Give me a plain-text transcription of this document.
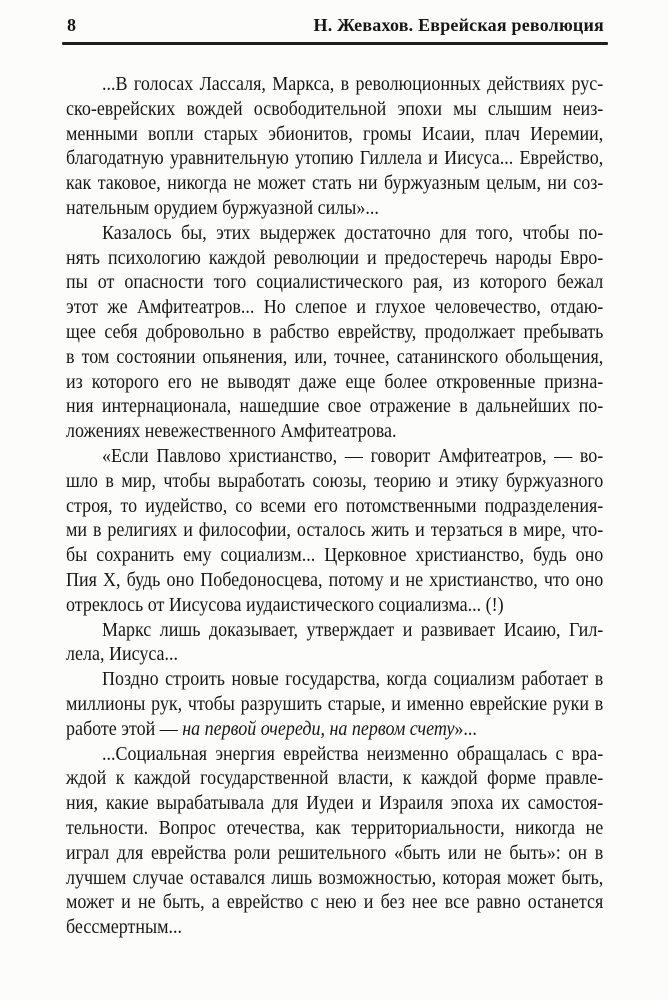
8	Н. Жевахов. Еврейская революция
...В голосах Лассаля, Маркса, в революционных действиях рус-
ско-еврейских вождей освободительной эпохи мы слышим неиз-
менными вопли старых эбионитов, громы Исаии, плач Иеремии,
благодатную уравнительную утопию Гиллела и Иисуса... Еврейство,
как таковое, никогда не может стать ни буржуазным целым, ни соз-
нательным орудием буржуазной силы»...
Казалось бы, этих выдержек достаточно для того, чтобы по-
нять психологию каждой революции и предостеречь народы Евро-
пы от опасности того социалистического рая, из которого бежал
этот же Амфитеатров... Но слепое и глухое человечество, отдаю-
щее себя добровольно в рабство еврейству, продолжает пребывать
в том состоянии опьянения, или, точнее, сатанинского обольщения,
из которого его не выводят даже еще более откровенные призна-
ния интернационала, нашедшие свое отражение в дальнейших по-
ложениях невежественного Амфитеатрова.
«Если Павлово христианство, — говорит Амфитеатров, — во-
шло в мир, чтобы выработать союзы, теорию и этику буржуазного
строя, то иудейство, со всеми его потомственными подразделения-
ми в религиях и философии, осталось жить и терзаться в мире, что-
бы сохранить ему социализм... Церковное христианство, будь оно
Пия X, будь оно Победоносцева, потому и не христианство, что оно
отреклось от Иисусова иудаистического социализма... (!)
Маркс лишь доказывает, утверждает и развивает Исаию, Гил-
лела, Иисуса...
Поздно строить новые государства, когда социализм работает в
миллионы рук, чтобы разрушить старые, и именно еврейские руки в
работе этой — на первой очереди, на первом счету»...
...Социальная энергия еврейства неизменно обращалась с вра-
ждой к каждой государственной власти, к каждой форме правле-
ния, какие вырабатывала для Иудеи и Израиля эпоха их самостоя-
тельности. Вопрос отечества, как территориальности, никогда не
играл для еврейства роли решительного «быть или не быть»: он в
лучшем случае оставался лишь возможностью, которая может быть,
может и не быть, а еврейство с нею и без нее все равно останется
бессмертным...
